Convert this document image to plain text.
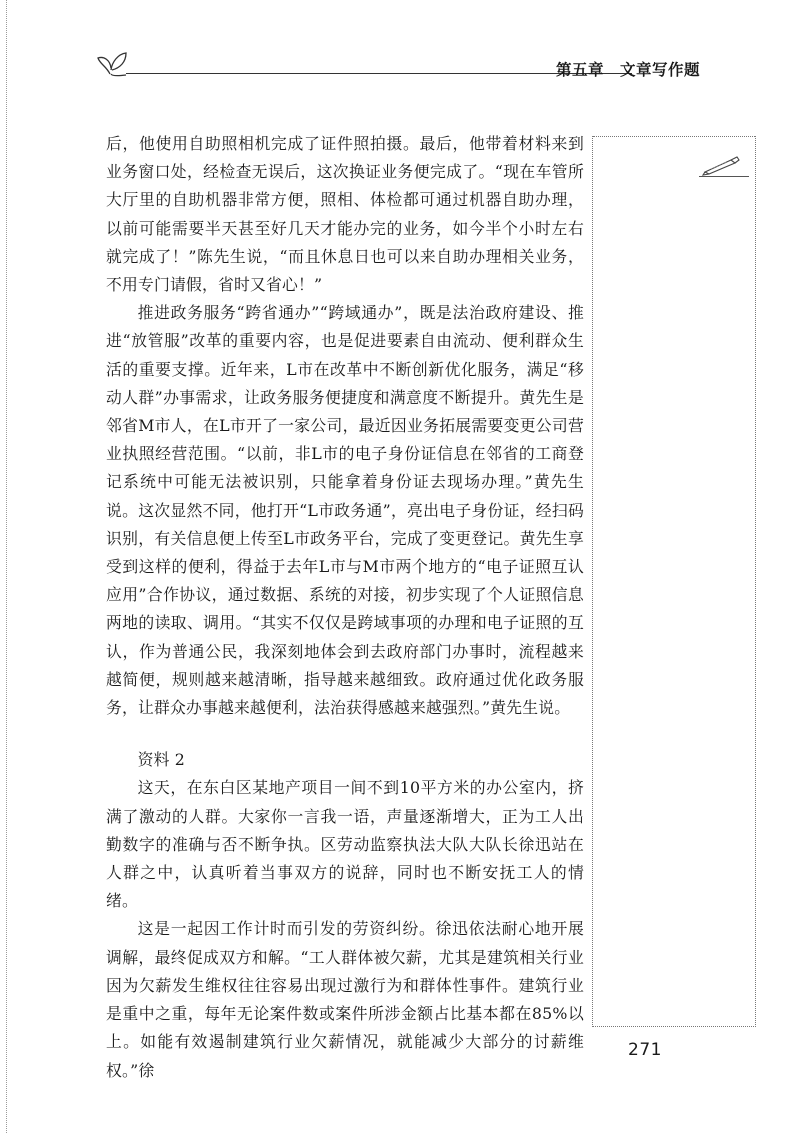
第五章 文章写作题

后，他使用自助照相机完成了证件照拍摄。最后，他带着材料来到业务窗口处，经检查无误后，这次换证业务便完成了。“现在车管所大厅里的自助机器非常方便，照相、体检都可通过机器自助办理，以前可能需要半天甚至好几天才能办完的业务，如今半个小时左右就完成了！”陈先生说，“而且休息日也可以来自助办理相关业务，不用专门请假，省时又省心！”

推进政务服务“跨省通办”“跨域通办”，既是法治政府建设、推进“放管服”改革的重要内容，也是促进要素自由流动、便利群众生活的重要支撑。近年来，L市在改革中不断创新优化服务，满足“移动人群”办事需求，让政务服务便捷度和满意度不断提升。黄先生是邻省M市人，在L市开了一家公司，最近因业务拓展需要变更公司营业执照经营范围。“以前，非L市的电子身份证信息在邻省的工商登记系统中可能无法被识别，只能拿着身份证去现场办理。”黄先生说。这次显然不同，他打开“L市政务通”，亮出电子身份证，经扫码识别，有关信息便上传至L市政务平台，完成了变更登记。黄先生享受到这样的便利，得益于去年L市与M市两个地方的“电子证照互认应用”合作协议，通过数据、系统的对接，初步实现了个人证照信息两地的读取、调用。“其实不仅仅是跨域事项的办理和电子证照的互认，作为普通公民，我深刻地体会到去政府部门办事时，流程越来越简便，规则越来越清晰，指导越来越细致。政府通过优化政务服务，让群众办事越来越便利，法治获得感越来越强烈。”黄先生说。

资料 2

这天，在东白区某地产项目一间不到10平方米的办公室内，挤满了激动的人群。大家你一言我一语，声量逐渐增大，正为工人出勤数字的准确与否不断争执。区劳动监察执法大队大队长徐迅站在人群之中，认真听着当事双方的说辞，同时也不断安抚工人的情绪。

这是一起因工作计时而引发的劳资纠纷。徐迅依法耐心地开展调解，最终促成双方和解。“工人群体被欠薪，尤其是建筑相关行业因为欠薪发生维权往往容易出现过激行为和群体性事件。建筑行业是重中之重，每年无论案件数或案件所涉金额占比基本都在85%以上。如能有效遏制建筑行业欠薪情况，就能减少大部分的讨薪维权。”徐

271
